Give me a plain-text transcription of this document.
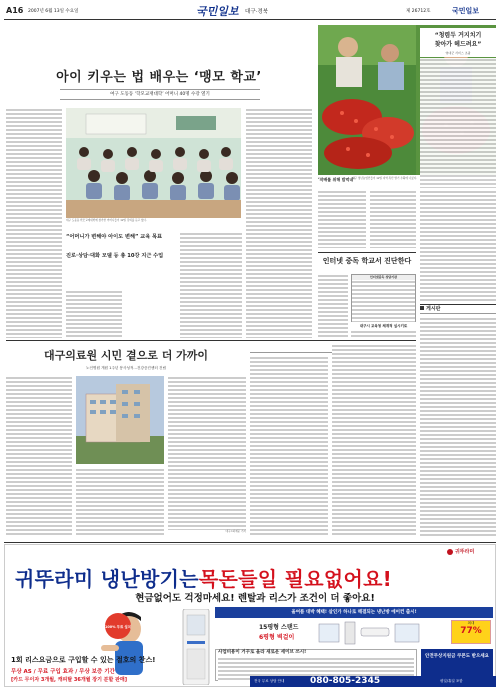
A16 2007년 6월 13일 수요일	국민일보 대구·경북	제 26712호	국민일보
아이 키우는 법 배우는 ‘맹모 학교’
여구 도동동 ‘학모교재대학’ 어머니 40명 수강 열기
대구 도동동 학모교재대학에 참가한 어머니들이 12일 강의를 듣고 있다.
“어머니가 변해야 아이도 변해” 교육 목표
진로·상담·대화 모델 등 총 10강 지근 수업
‘작배롤 위해 밥먹네’
대구 청년농업인들이 12일 지역 특산 딸기 수확에 나섰다.
“청렴두 거지치기
찾아가 헤드려요”
영대군 서비스 초광
인터넷 중독 학교서 진단한다
인터넷중독 상담기관
대구시 교육청 체계적 실시키로
게시판
대구의료원 시민 곁으로 더 가까이
노인병원 개원 1주년 봉사성적…건강증진센터 건립
대구=최재운 기자
귀뚜라미
귀뚜라미 냉난방기는목돈들일 필요없어요!
현금없어도 걱정마세요! 렌탈과 리스가 조건이 더 좋아요!
100% 무료 설치
1회 리스요금으로 구입할 수 있는 절호의 찬스!
무상 AS / 무료 구입 효과 / 무상 보증 기간
[카드 무이자 3개월, 캐피탈 36개월 장기 분할 판매]
올여름 대박 혜택! 살인가 하나로 해결되는 냉난방 에어컨 출시!
15평형 스탠드
6평형 벽걸이
최대
77%
사업비용이 거꾸로 올라 새로운 세이브 쓰시!
안전무상지원금 쿠폰도 받으세요
전국 무료 상담 안내	080-805-2345	평일/휴일 포함
